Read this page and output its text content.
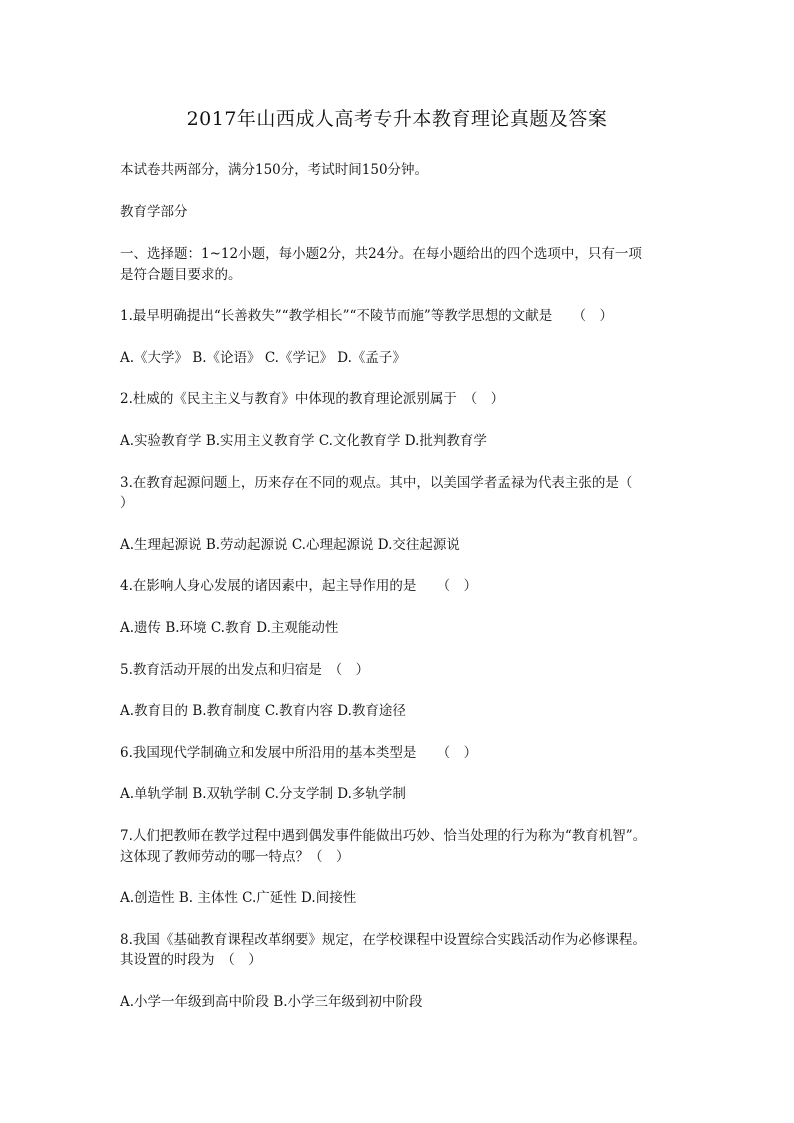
2017年山西成人高考专升本教育理论真题及答案
本试卷共两部分，满分150分，考试时间150分钟。
教育学部分
一、选择题：1~12小题，每小题2分，共24分。在每小题给出的四个选项中，只有一项
是符合题目要求的。
1.最早明确提出“长善救失”“教学相长”“不陵节而施”等教学思想的文献是　　（　）
A.《大学》 B.《论语》 C.《学记》 D.《孟子》
2.杜威的《民主主义与教育》中体现的教育理论派别属于　（　）
A.实验教育学 B.实用主义教育学 C.文化教育学 D.批判教育学
3.在教育起源问题上，历来存在不同的观点。其中，以美国学者孟禄为代表主张的是（
）
A.生理起源说 B.劳动起源说 C.心理起源说 D.交往起源说
4.在影响人身心发展的诸因素中，起主导作用的是　　（　）
A.遗传 B.环境 C.教育 D.主观能动性
5.教育活动开展的出发点和归宿是　（　）
A.教育目的 B.教育制度 C.教育内容 D.教育途径
6.我国现代学制确立和发展中所沿用的基本类型是　　（　）
A.单轨学制 B.双轨学制 C.分支学制 D.多轨学制
7.人们把教师在教学过程中遇到偶发事件能做出巧妙、恰当处理的行为称为“教育机智”。
这体现了教师劳动的哪一特点？（　）
A.创造性 B. 主体性 C.广延性 D.间接性
8.我国《基础教育课程改革纲要》规定，在学校课程中设置综合实践活动作为必修课程。
其设置的时段为　（　）
A.小学一年级到高中阶段 B.小学三年级到初中阶段
